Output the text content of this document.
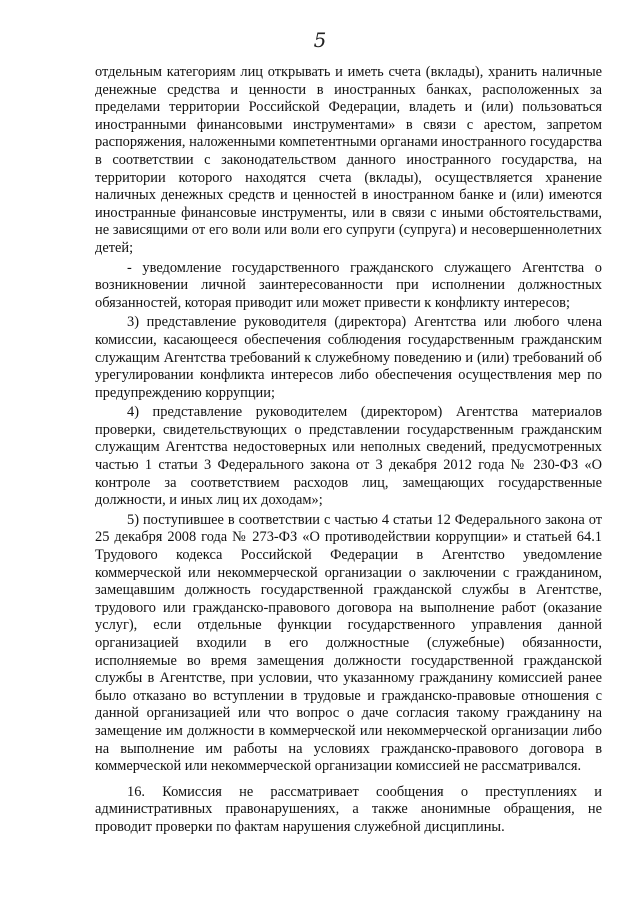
5

отдельным категориям лиц открывать и иметь счета (вклады), хранить наличные денежные средства и ценности в иностранных банках, расположенных за пределами территории Российской Федерации, владеть и (или) пользоваться иностранными финансовыми инструментами» в связи с арестом, запретом распоряжения, наложенными компетентными органами иностранного государства в соответствии с законодательством данного иностранного государства, на территории которого находятся счета (вклады), осуществляется хранение наличных денежных средств и ценностей в иностранном банке и (или) имеются иностранные финансовые инструменты, или в связи с иными обстоятельствами, не зависящими от его воли или воли его супруги (супруга) и несовершеннолетних детей;

- уведомление государственного гражданского служащего Агентства о возникновении личной заинтересованности при исполнении должностных обязанностей, которая приводит или может привести к конфликту интересов;

3) представление руководителя (директора) Агентства или любого члена комиссии, касающееся обеспечения соблюдения государственным гражданским служащим Агентства требований к служебному поведению и (или) требований об урегулировании конфликта интересов либо обеспечения осуществления мер по предупреждению коррупции;

4) представление руководителем (директором) Агентства материалов проверки, свидетельствующих о представлении государственным гражданским служащим Агентства недостоверных или неполных сведений, предусмотренных частью 1 статьи 3 Федерального закона от 3 декабря 2012 года № 230-ФЗ «О контроле за соответствием расходов лиц, замещающих государственные должности, и иных лиц их доходам»;

5) поступившее в соответствии с частью 4 статьи 12 Федерального закона от 25 декабря 2008 года № 273-ФЗ «О противодействии коррупции» и статьей 64.1 Трудового кодекса Российской Федерации в Агентство уведомление коммерческой или некоммерческой организации о заключении с гражданином, замещавшим должность государственной гражданской службы в Агентстве, трудового или гражданско-правового договора на выполнение работ (оказание услуг), если отдельные функции государственного управления данной организацией входили в его должностные (служебные) обязанности, исполняемые во время замещения должности государственной гражданской службы в Агентстве, при условии, что указанному гражданину комиссией ранее было отказано во вступлении в трудовые и гражданско-правовые отношения с данной организацией или что вопрос о даче согласия такому гражданину на замещение им должности в коммерческой или некоммерческой организации либо на выполнение им работы на условиях гражданско-правового договора в коммерческой или некоммерческой организации комиссией не рассматривался.

16. Комиссия не рассматривает сообщения о преступлениях и административных правонарушениях, а также анонимные обращения, не проводит проверки по фактам нарушения служебной дисциплины.
